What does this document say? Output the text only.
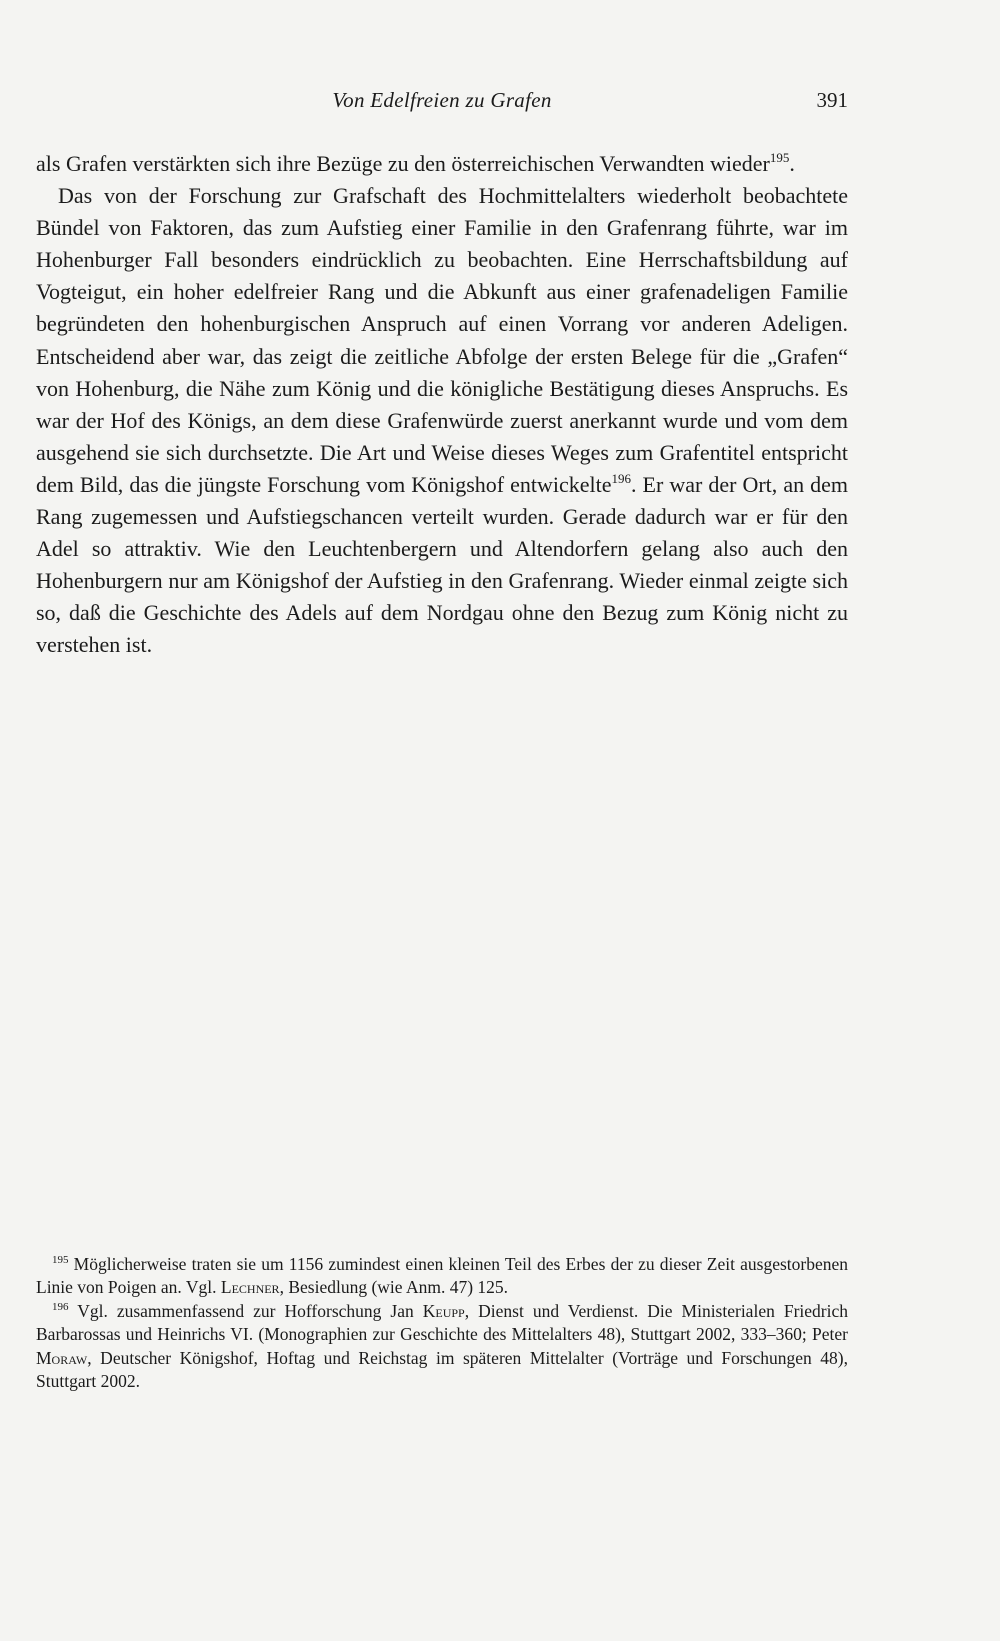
Von Edelfreien zu Grafen	391

als Grafen verstärkten sich ihre Bezüge zu den österreichischen Verwandten wieder$^{195}$.

Das von der Forschung zur Grafschaft des Hochmittelalters wiederholt beobachtete Bündel von Faktoren, das zum Aufstieg einer Familie in den Grafenrang führte, war im Hohenburger Fall besonders eindrücklich zu beobachten. Eine Herrschaftsbildung auf Vogteigut, ein hoher edelfreier Rang und die Abkunft aus einer grafenadeligen Familie begründeten den hohenburgischen Anspruch auf einen Vorrang vor anderen Adeligen. Entscheidend aber war, das zeigt die zeitliche Abfolge der ersten Belege für die „Grafen“ von Hohenburg, die Nähe zum König und die königliche Bestätigung dieses Anspruchs. Es war der Hof des Königs, an dem diese Grafenwürde zuerst anerkannt wurde und vom dem ausgehend sie sich durchsetzte. Die Art und Weise dieses Weges zum Grafentitel entspricht dem Bild, das die jüngste Forschung vom Königshof entwickelte$^{196}$. Er war der Ort, an dem Rang zugemessen und Aufstiegschancen verteilt wurden. Gerade dadurch war er für den Adel so attraktiv. Wie den Leuchtenbergern und Altendorfern gelang also auch den Hohenburgern nur am Königshof der Aufstieg in den Grafenrang. Wieder einmal zeigte sich so, daß die Geschichte des Adels auf dem Nordgau ohne den Bezug zum König nicht zu verstehen ist.

$^{195}$ Möglicherweise traten sie um 1156 zumindest einen kleinen Teil des Erbes der zu dieser Zeit ausgestorbenen Linie von Poigen an. Vgl. Lechner, Besiedlung (wie Anm. 47) 125.

$^{196}$ Vgl. zusammenfassend zur Hofforschung Jan Keupp, Dienst und Verdienst. Die Ministerialen Friedrich Barbarossas und Heinrichs VI. (Monographien zur Geschichte des Mittelalters 48), Stuttgart 2002, 333–360; Peter Moraw, Deutscher Königshof, Hoftag und Reichstag im späteren Mittelalter (Vorträge und Forschungen 48), Stuttgart 2002.
